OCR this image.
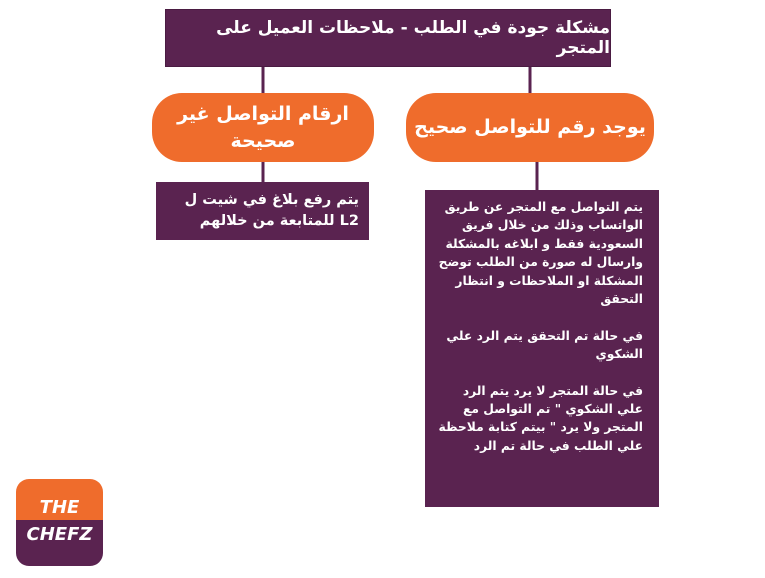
مشكلة جودة في الطلب - ملاحظات العميل على المتجر
يوجد رقم للتواصل صحيح
ارقام التواصل غير
صحيحة
يتم رفع بلاغ في شيت ل L2 للمتابعة من خلالهم

يتم التواصل مع المتجر عن طريق الواتساب وذلك من خلال فريق السعودية فقط و ابلاغه بالمشكلة وارسال له صورة من الطلب توضح المشكلة او الملاحظات و انتظار التحقق

في حالة تم التحقق يتم الرد علي الشكوي

في حالة المتجر لا يرد يتم الرد علي الشكوي " تم التواصل مع المتجر ولا يرد " بيتم كتابة ملاحظة علي الطلب في حالة تم الرد

THE
CHEFZ
